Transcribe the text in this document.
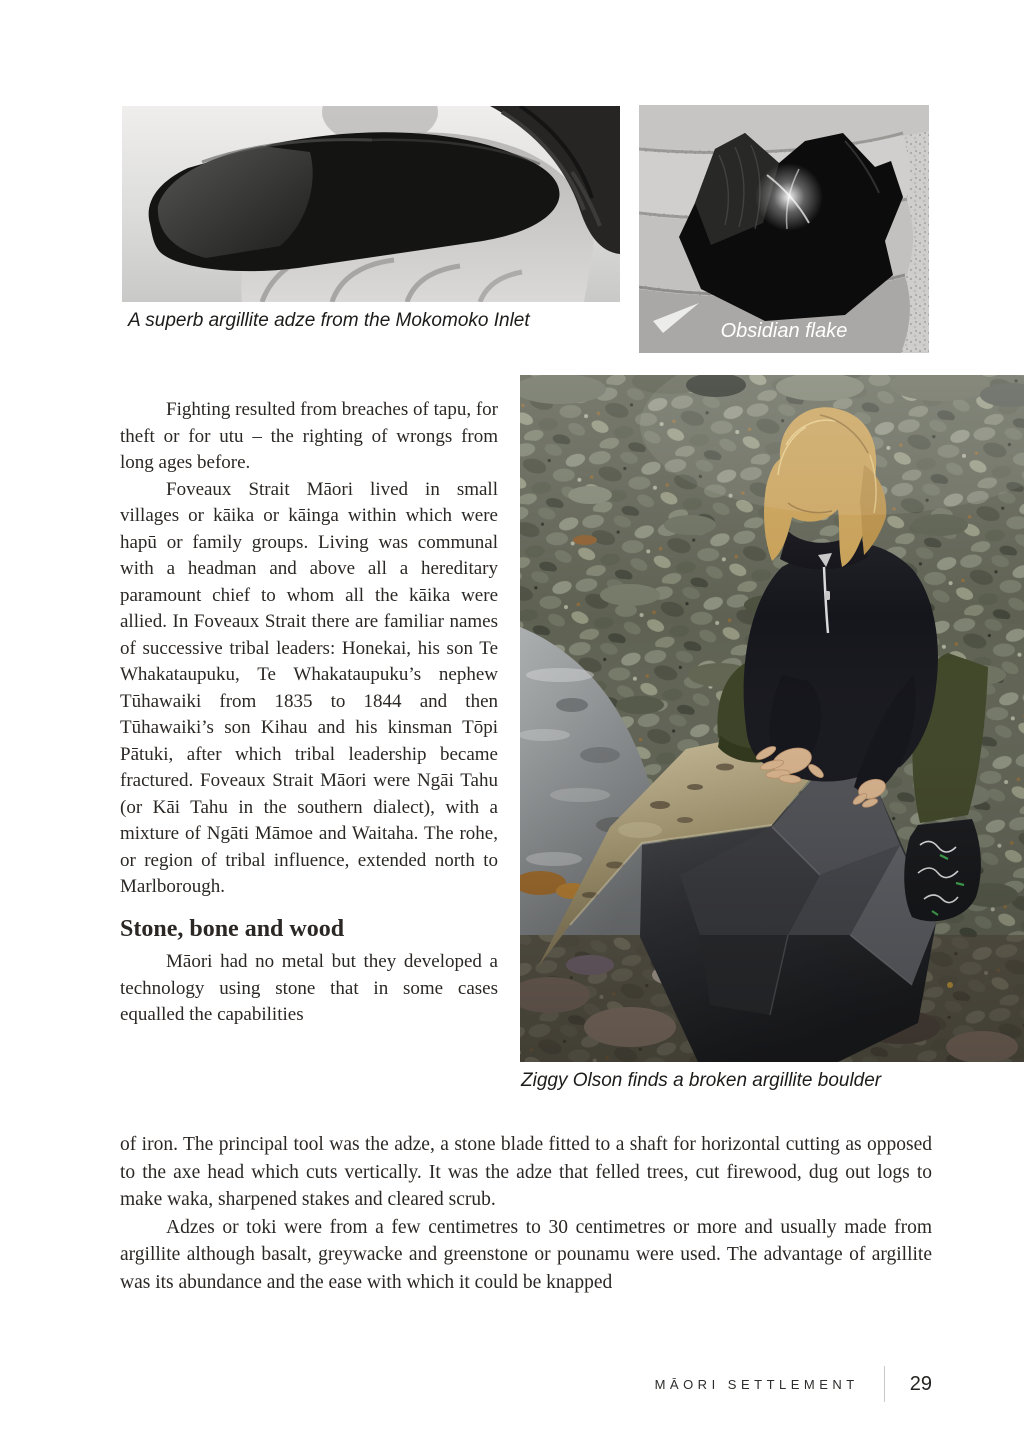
A superb argillite adze from the Mokomoko Inlet	Obsidian flake
Ziggy Olson finds a broken argillite boulder

Fighting resulted from breaches of tapu, for theft or for utu – the righting of wrongs from long ages before.

Foveaux Strait Māori lived in small villages or kāika or kāinga within which were hapū or family groups. Living was communal with a headman and above all a hereditary paramount chief to whom all the kāika were allied. In Foveaux Strait there are familiar names of successive tribal leaders: Honekai, his son Te Whakataupuku, Te Whakataupuku’s nephew Tūhawaiki from 1835 to 1844 and then Tūhawaiki’s son Kihau and his kinsman Tōpi Pātuki, after which tribal leadership became fractured. Foveaux Strait Māori were Ngāi Tahu (or Kāi Tahu in the southern dialect), with a mixture of Ngāti Māmoe and Waitaha. The rohe, or region of tribal influence, extended north to Marlborough.

Stone, bone and wood

Māori had no metal but they developed a technology using stone that in some cases equalled the capabilities

of iron. The principal tool was the adze, a stone blade fitted to a shaft for horizontal cutting as opposed to the axe head which cuts vertically. It was the adze that felled trees, cut firewood, dug out logs to make waka, sharpened stakes and cleared scrub.

Adzes or toki were from a few centimetres to 30 centimetres or more and usually made from argillite although basalt, greywacke and greenstone or pounamu were used. The advantage of argillite was its abundance and the ease with which it could be knapped

MĀORI SETTLEMENT	29
